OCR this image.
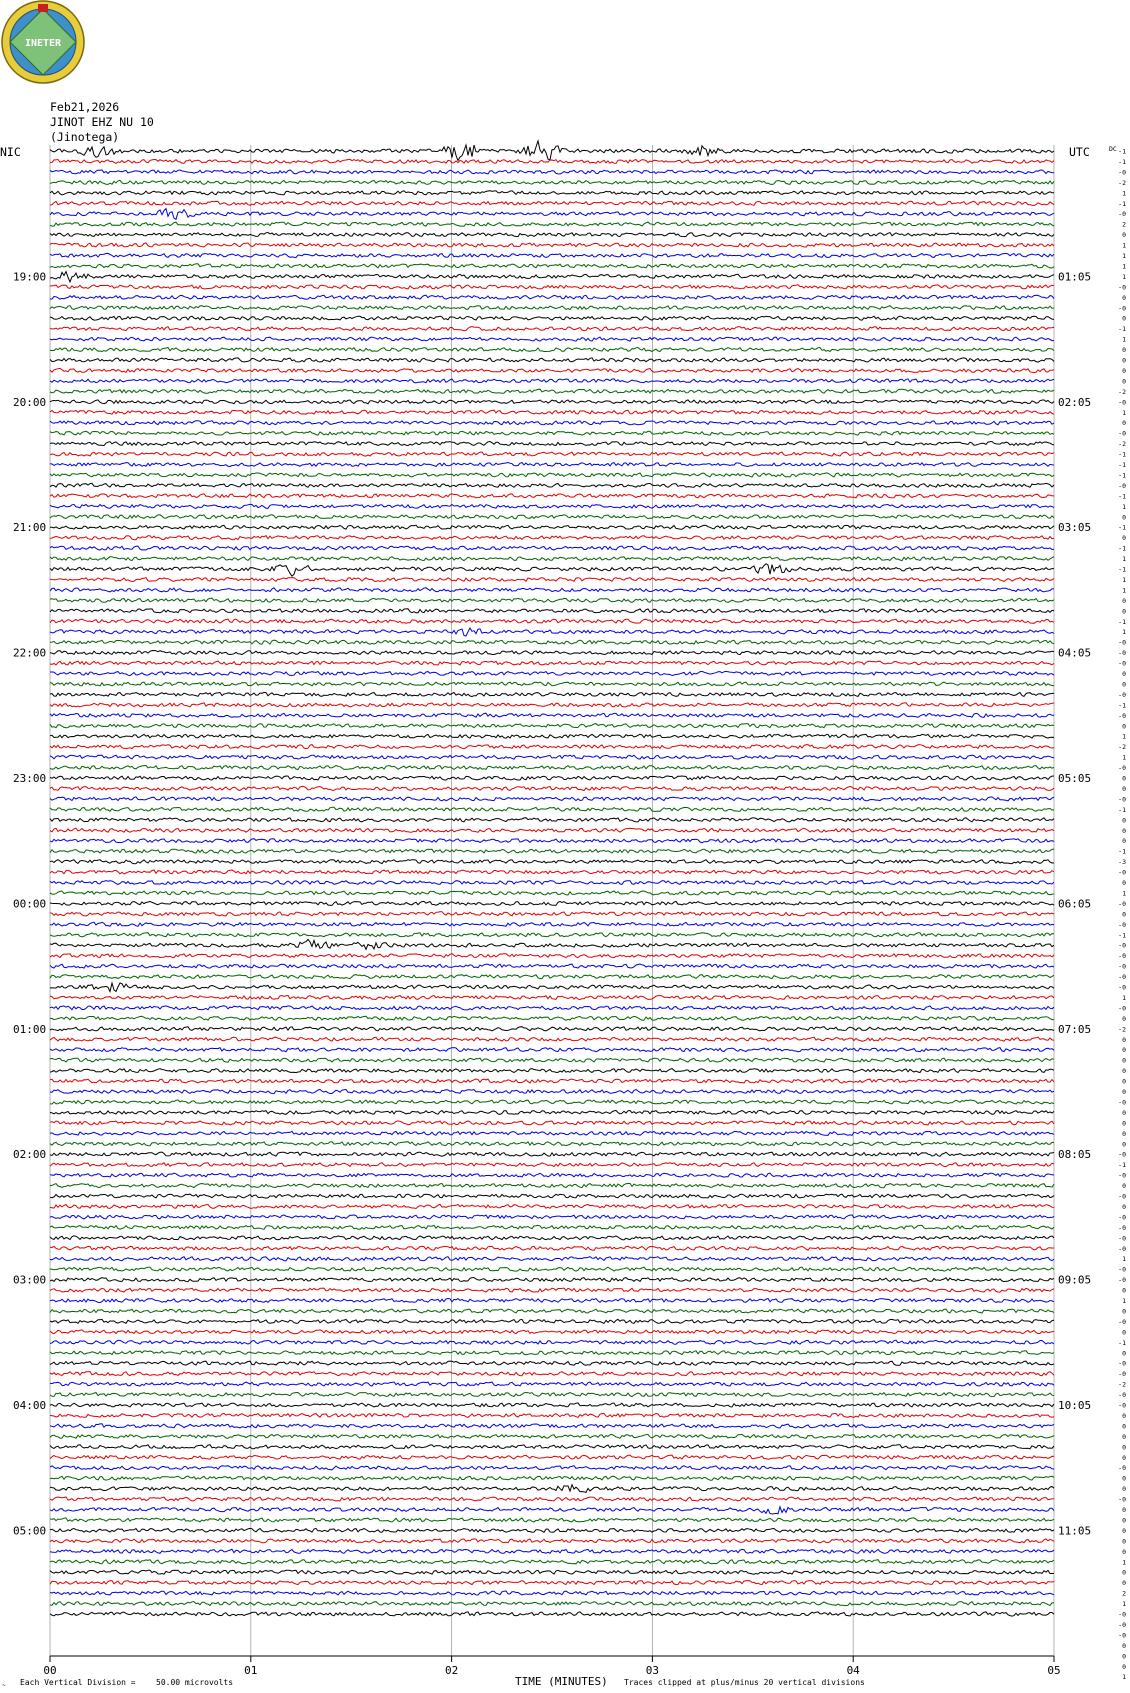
INETER
Feb21,2026
JINOT EHZ NU 10
(Jinotega)
NIC	UTC	DC
19:00
20:00
21:00
22:00
23:00
00:00
01:00
02:00
03:00
04:00
05:00
01:05
02:05
03:05
04:05
05:05
06:05
07:05
08:05
09:05
10:05
11:05
-1
-1
-0
-2
1
-1
-0
2
0
1
1
1
1
-0
0
-0
0
-1
1
0
0
0
0
-2
-0
1
0
-0
-2
-1
-1
-1
-0
-1
1
0
-1
0
-1
1
-1
1
1
0
0
-1
1
-0
-0
-0
0
0
-0
-1
-0
0
1
-2
1
-0
0
0
-0
-1
0
0
0
-1
-3
-0
0
1
-0
0
-0
-1
-0
-0
-0
-0
-0
1
-0
0
-2
0
0
0
0
0
0
-0
0
0
0
0
-0
-1
-0
0
-0
0
-0
-0
-0
-0
1
-0
-0
0
1
0
-0
0
-1
0
-0
-0
-2
-0
-0
0
0
0
0
0
-0
0
0
-0
0
0
0
0
0
1
0
0
2
1
-0
-0
-0
0
0
0
1
00	01	02	03	04	05
TIME (MINUTES)
~ Each Vertical Division =	50.00 microvolts	Traces clipped at plus/minus 20 vertical divisions
